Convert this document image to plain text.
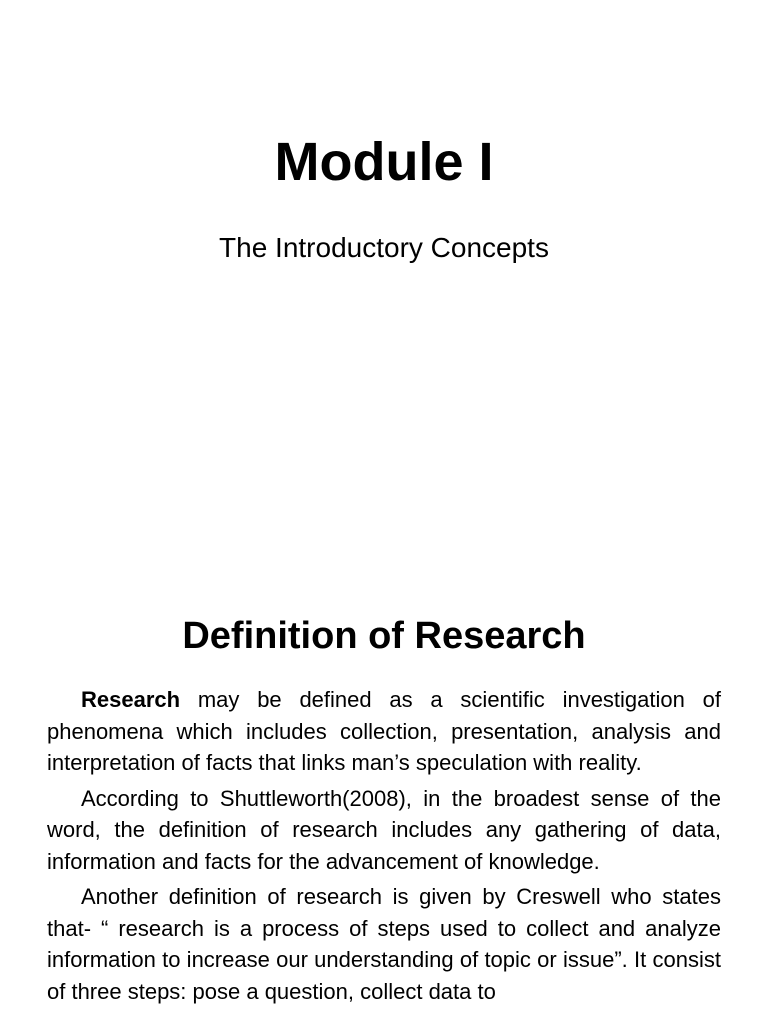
Module I
The Introductory Concepts
Definition of Research

Research may be defined as a scientific investigation of phenomena which includes collection, presentation, analysis and interpretation of facts that links man’s speculation with reality.

According to Shuttleworth(2008), in the broadest sense of the word, the definition of research includes any gathering of data, information and facts for the advancement of knowledge.

Another definition of research is given by Creswell who states that- “ research is a process of steps used to collect and analyze information to increase our understanding of topic or issue”. It consist of three steps: pose a question, collect data to
